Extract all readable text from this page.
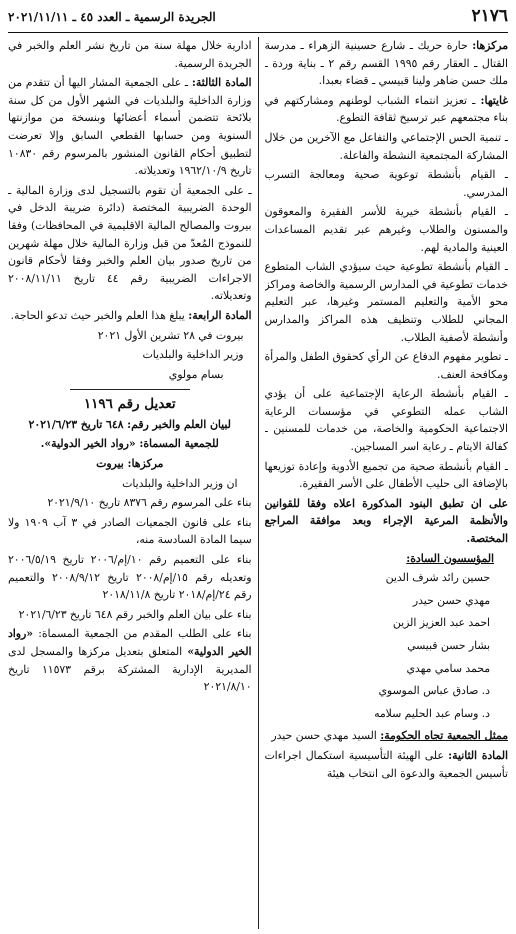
٢١٧٦
الجريدة الرسمية ـ العدد ٤٥ ـ ٢٠٢١/١١/١١

مركزها: حارة حريك ـ شارع حسينية الزهراء ـ مدرسة القتال ـ العقار رقم ١٩٩٥ القسم رقم ٢ ـ بناية وردة ـ ملك حسن ضاهر ولينا قبيسي ـ قضاء بعبدا.

غايتها: ـ تعزيز انتماء الشباب لوطنهم ومشاركتهم في بناء مجتمعهم عبر ترسيخ ثقافة التطوع.

ـ تنمية الحس الإجتماعي والتفاعل مع الآخرين من خلال المشاركة المجتمعية النشطة والفاعلة.

ـ القيام بأنشطة توعوية صحية ومعالجة التسرب المدرسي.

ـ القيام بأنشطة خيرية للأسر الفقيرة والمعوقون والمسنون والطلاب وغيرهم عبر تقديم المساعدات العينية والمادية لهم.

ـ القيام بأنشطة تطوعية حيث سيؤدي الشاب المتطوع خدمات تطوعية في المدارس الرسمية والخاصة ومراكز محو الأمية والتعليم المستمر وغيرها، عبر التعليم المجاني للطلاب وتنظيف هذه المراكز والمدارس وأنشطة لأصفية الطلاب.

ـ تطوير مفهوم الدفاع عن الرأي كحقوق الطفل والمرأة ومكافحة العنف.

ـ القيام بأنشطة الرعاية الإجتماعية على أن يؤدي الشاب عمله التطوعي في مؤسسات الرعاية الاجتماعية الحكومية والخاصة، من خدمات للمسنين ـ كفالة الايتام ـ رعاية اسر المساجين.

ـ القيام بأنشطة صحية من تجميع الأدوية وإعادة توزيعها بالإضافة الى حليب الأطفال على الأسر الفقيرة.

على ان تطبق البنود المذكورة اعلاه وفقا للقوانين والأنظمة المرعية الإجراء وبعد موافقة المراجع المختصة.

المؤسسون السادة:

حسين رائد شرف الدين
مهدي حسن حيدر
احمد عبد العزيز الزين
بشار حسن قبيسي
محمد سامي مهدي
د. صادق عباس الموسوي
د. وسام عبد الحليم سلامه

ممثل الجمعية تجاه الحكومة: السيد مهدي حسن حيدر

المادة الثانية: على الهيئة التأسيسية استكمال اجراءات تأسيس الجمعية والدعوة الى انتخاب هيئة

ادارية خلال مهلة سنة من تاريخ نشر العلم والخبر في الجريدة الرسمية.

المادة الثالثة: ـ على الجمعية المشار اليها أن تتقدم من وزارة الداخلية والبلديات في الشهر الأول من كل سنة بلائحة تتضمن أسماء أعضائها وبنسخة من موازنتها السنوية ومن حسابها القطعي السابق وإلا تعرضت لتطبيق أحكام القانون المنشور بالمرسوم رقم ١٠٨٣٠ تاريخ ١٩٦٢/١٠/٩ وتعديلاته.

ـ على الجمعية أن تقوم بالتسجيل لدى وزارة المالية ـ الوحدة الضريبية المختصة (دائرة ضريبة الدخل في بيروت والمصالح المالية الاقليمية في المحافظات) وفقا للنموذج المُعدّ من قبل وزارة المالية خلال مهلة شهرين من تاريخ صدور بيان العلم والخبر وفقا لأحكام قانون الاجراءات الضريبية رقم ٤٤ تاريخ ٢٠٠٨/١١/١١ وتعديلاته.

المادة الرابعة: يبلغ هذا العلم والخبر حيث تدعو الحاجة.

بيروت في ٢٨ تشرين الأول ٢٠٢١

وزير الداخلية والبلديات

بسام مولوي

تعديل رقم ١١٩٦

لبيان العلم والخبر رقم: ٦٤٨ تاريخ ٢٠٢١/٦/٢٣

للجمعية المسماة: «رواد الخير الدولية».

مركزها: بيروت

ان وزير الداخلية والبلديات

بناء على المرسوم رقم ٨٣٧٦ تاريخ ٢٠٢١/٩/١٠

بناء على قانون الجمعيات الصادر في ٣ آب ١٩٠٩ ولا سيما المادة السادسة منه،

بناء على التعميم رقم ١٠/إم/٢٠٠٦ تاريخ ٢٠٠٦/٥/١٩ وتعديله رقم ١٥/إم/٢٠٠٨ تاريخ ٢٠٠٨/٩/١٢ والتعميم رقم ٢٤/إم/٢٠١٨ تاريخ ٢٠١٨/١١/٨

بناء على بيان العلم والخبر رقم ٦٤٨ تاريخ ٢٠٢١/٦/٢٣

بناء على الطلب المقدم من الجمعية المسماة: «رواد الخير الدولية» المتعلق بتعديل مركزها والمسجل لدى المديرية الإدارية المشتركة برقم ١١٥٧٣ تاريخ ٢٠٢١/٨/١٠
